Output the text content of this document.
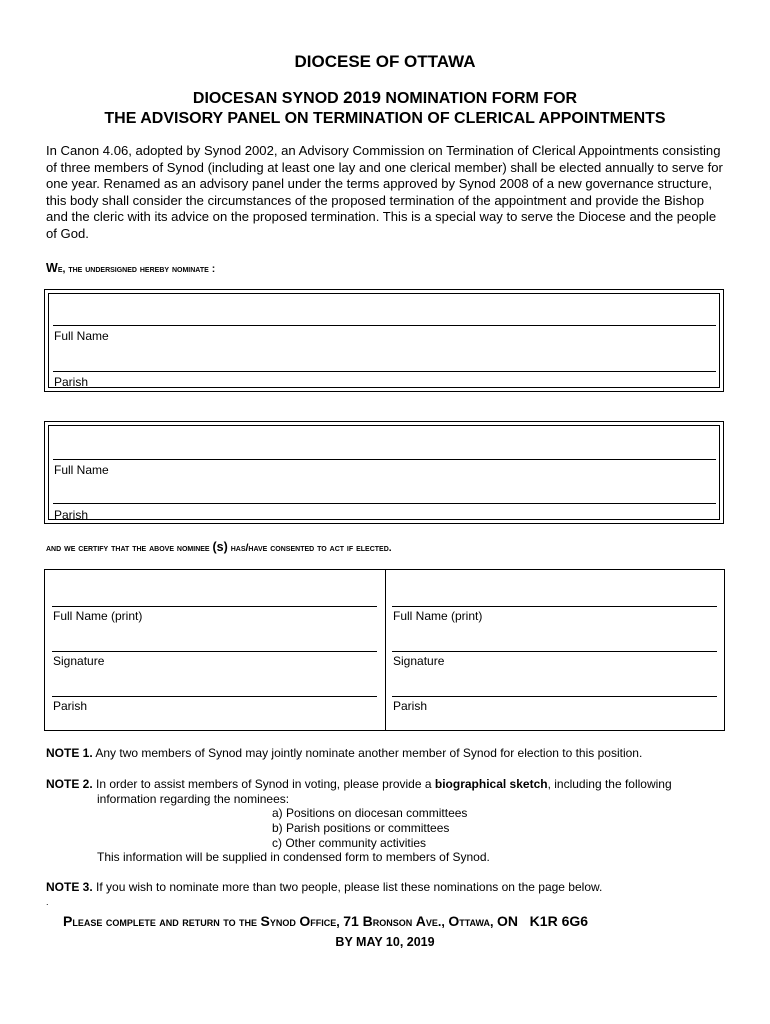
DIOCESE OF OTTAWA
DIOCESAN SYNOD 2019 NOMINATION FORM FOR
THE ADVISORY PANEL ON TERMINATION OF CLERICAL APPOINTMENTS
In Canon 4.06, adopted by Synod 2002, an Advisory Commission on Termination of Clerical Appointments consisting of three members of Synod (including at least one lay and one clerical member) shall be elected annually to serve for one year. Renamed as an advisory panel under the terms approved by Synod 2008 of a new governance structure, this body shall consider the circumstances of the proposed termination of the appointment and provide the Bishop and the cleric with its advice on the proposed termination. This is a special way to serve the Diocese and the people of God.
We, the undersigned hereby nominate :
Full Name
Parish
Full Name
Parish
and we certify that the above nominee (s) has/have consented to act if elected.
Full Name (print)
Signature
Parish
Full Name (print)
Signature
Parish
NOTE 1. Any two members of Synod may jointly nominate another member of Synod for election to this position.
NOTE 2. In order to assist members of Synod in voting, please provide a biographical sketch, including the following
information regarding the nominees:
a) Positions on diocesan committees
b) Parish positions or committees
c) Other community activities
This information will be supplied in condensed form to members of Synod.
NOTE 3. If you wish to nominate more than two people, please list these nominations on the page below.
.
Please complete and return to the Synod Office, 71 Bronson Ave., Ottawa, ON   K1R 6G6
BY MAY 10, 2019
